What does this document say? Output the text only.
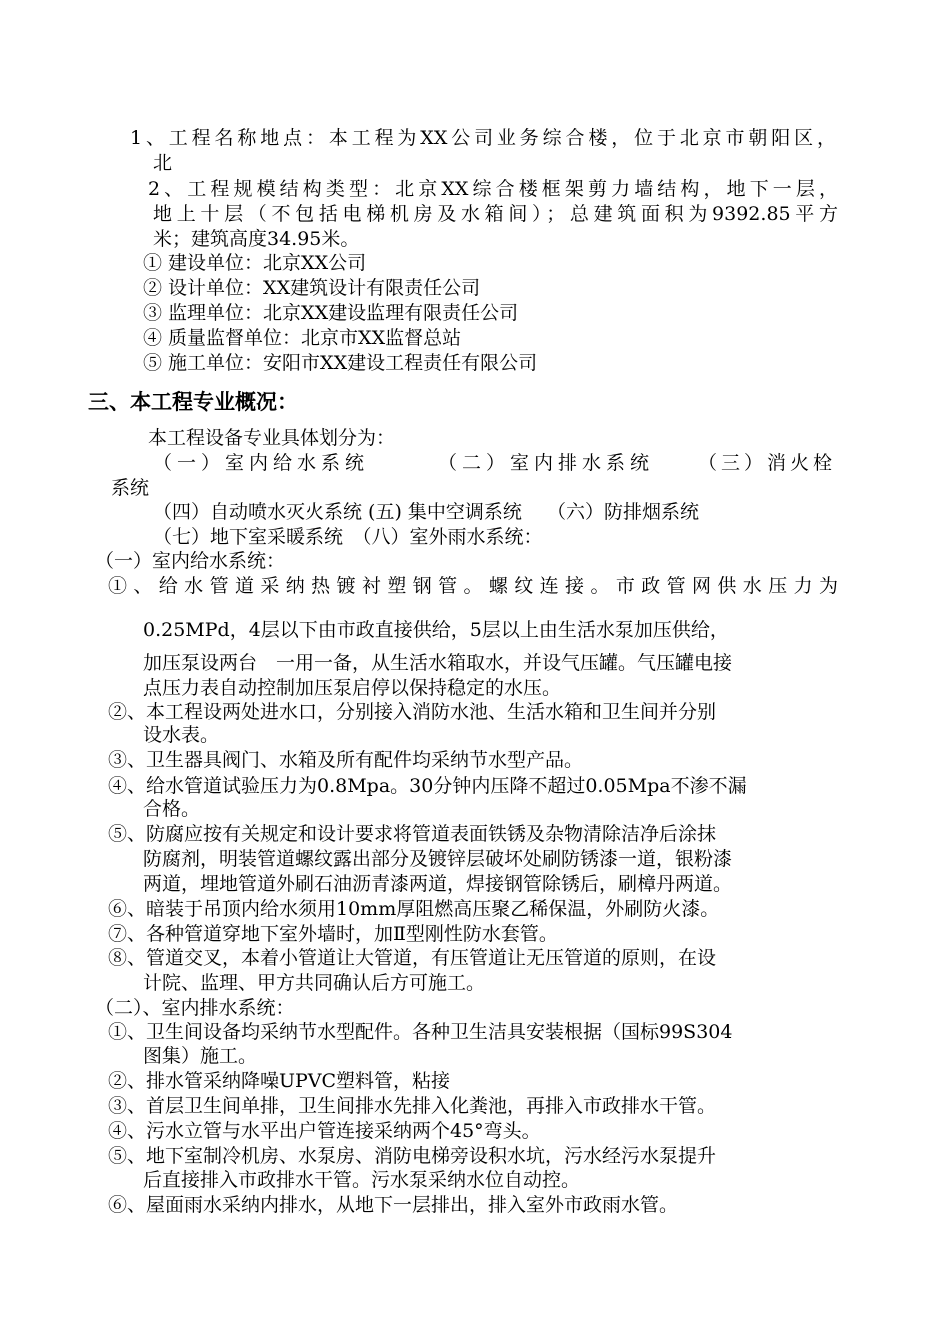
1、工程名称地点：本工程为XX公司业务综合楼，位于北京市朝阳区，
北
2、工程规模结构类型：北京XX综合楼框架剪力墙结构，地下一层，
地上十层（不包括电梯机房及水箱间）；总建筑面积为9392.85平方
米；建筑高度34.95米。
① 建设单位：北京XX公司
② 设计单位：XX建筑设计有限责任公司
③ 监理单位：北京XX建设监理有限责任公司
④ 质量监督单位：北京市XX监督总站
⑤ 施工单位：安阳市XX建设工程责任有限公司
三、本工程专业概况：
本工程设备专业具体划分为：
（一）室内给水系统	（二）室内排水系统 （三）消火栓
系统
（四）自动喷水灭火系统 (五) 集中空调系统　 （六）防排烟系统
（七）地下室采暖系统　（八）室外雨水系统：
（一）室内给水系统：
①、给水管道采纳热镀衬塑钢管。螺纹连接。市政管网供水压力为
0.25MPd，4层以下由市政直接供给，5层以上由生活水泵加压供给，
加压泵设两台　一用一备，从生活水箱取水，并设气压罐。气压罐电接
点压力表自动控制加压泵启停以保持稳定的水压。
②、本工程设两处进水口，分别接入消防水池、生活水箱和卫生间并分别
设水表。
③、卫生器具阀门、水箱及所有配件均采纳节水型产品。
④、给水管道试验压力为0.8Mpa。30分钟内压降不超过0.05Mpa不渗不漏
合格。
⑤、防腐应按有关规定和设计要求将管道表面铁锈及杂物清除洁净后涂抹
防腐剂，明装管道螺纹露出部分及镀锌层破坏处刷防锈漆一道，银粉漆
两道，埋地管道外刷石油沥青漆两道，焊接钢管除锈后，刷樟丹两道。
⑥、暗装于吊顶内给水须用10mm厚阻燃高压聚乙稀保温，外刷防火漆。
⑦、各种管道穿地下室外墙时，加Ⅱ型刚性防水套管。
⑧、管道交叉，本着小管道让大管道，有压管道让无压管道的原则，在设
计院、监理、甲方共同确认后方可施工。
（二）、室内排水系统：
①、卫生间设备均采纳节水型配件。各种卫生洁具安装根据（国标99S304
图集）施工。
②、排水管采纳降噪UPVC塑料管，粘接
③、首层卫生间单排，卫生间排水先排入化粪池，再排入市政排水干管。
④、污水立管与水平出户管连接采纳两个45°弯头。
⑤、地下室制冷机房、水泵房、消防电梯旁设积水坑，污水经污水泵提升
后直接排入市政排水干管。污水泵采纳水位自动控。
⑥、屋面雨水采纳内排水，从地下一层排出，排入室外市政雨水管。
